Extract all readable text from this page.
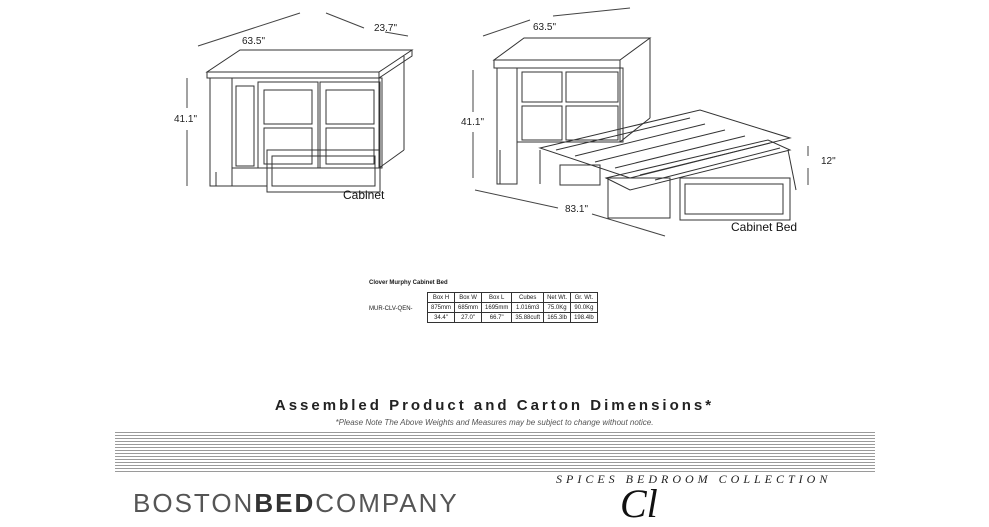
63.5"
23.7"
41.1"
Cabinet
63.5"
41.1"
83.1"
12"
Cabinet Bed
Clover Murphy Cabinet Bed
MUR-CLV-QEN-
Box H	Box W	Box L	Cubes	Net Wt.	Gr. Wt.
875mm	685mm	1695mm	1.016m3	75.0Kg	90.0Kg
34.4"	27.0"	66.7"	35.88cuft	165.3lb	198.4lb
Assembled Product and Carton Dimensions*
*Please Note The Above Weights and Measures may be subject to change without notice.
SPICES BEDROOM COLLECTION
BOSTONBEDCOMPANY	Cl
